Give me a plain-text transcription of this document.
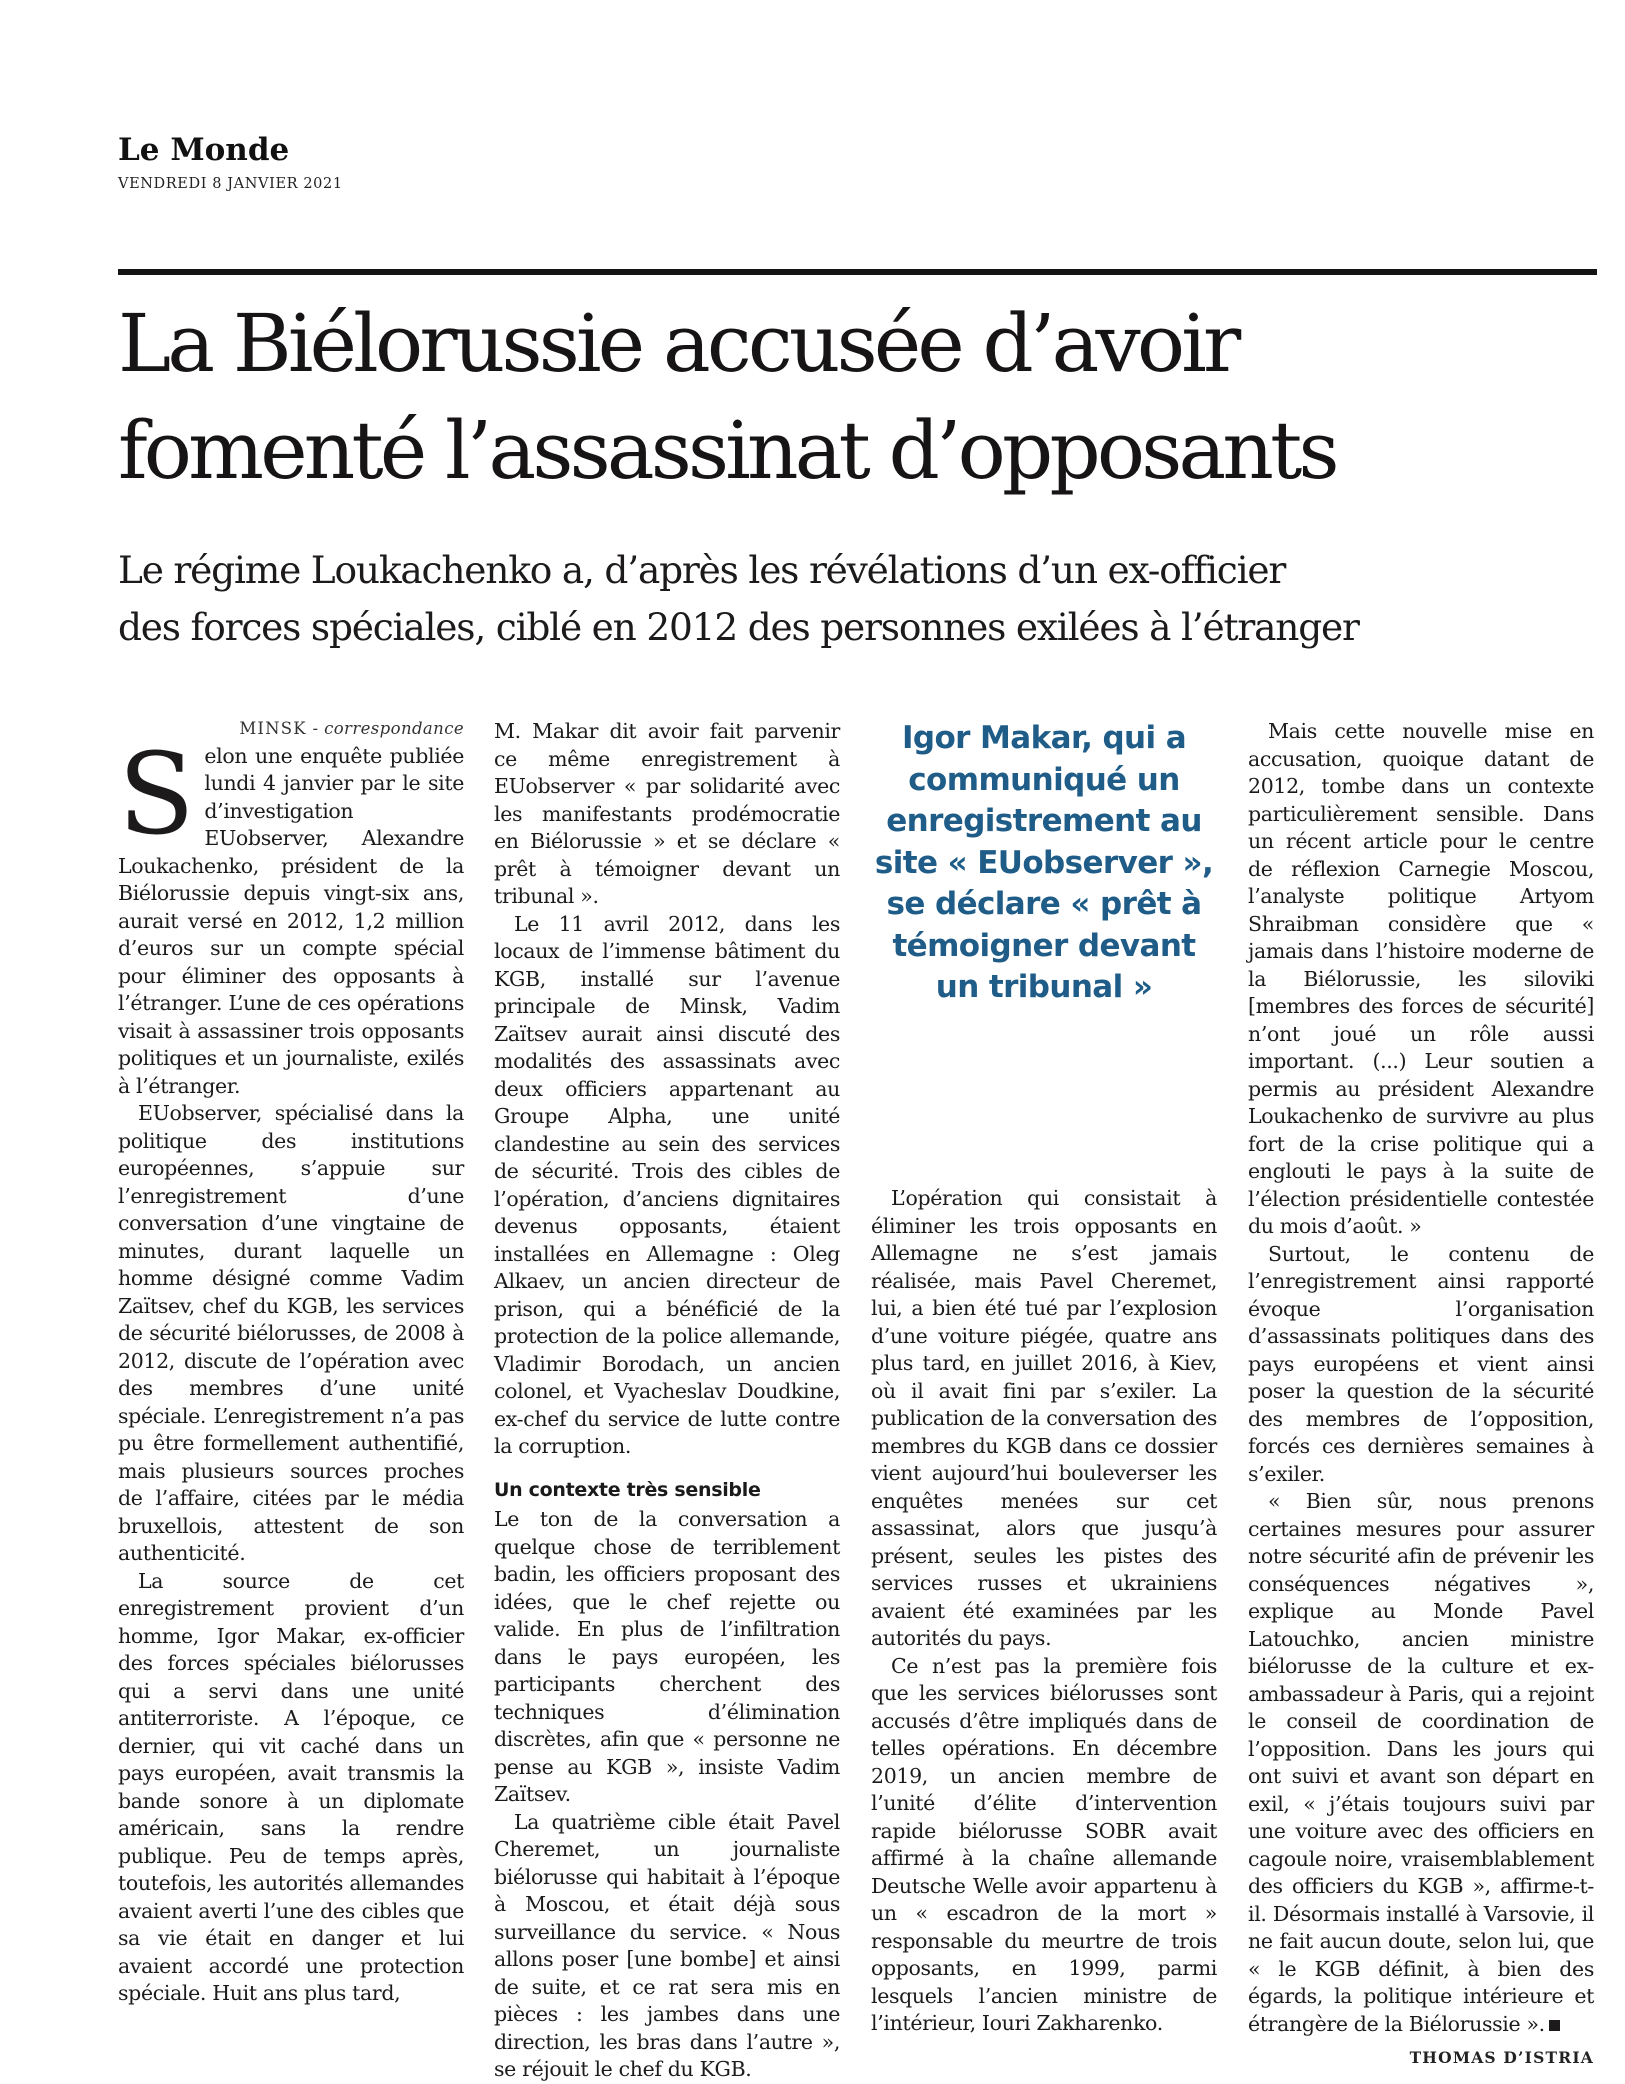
Le Monde
VENDREDI 8 JANVIER 2021
La Biélorussie accusée d’avoir
fomenté l’assassinat d’opposants
Le régime Loukachenko a, d’après les révélations d’un ex-officier
des forces spéciales, ciblé en 2012 des personnes exilées à l’étranger

MINSK - correspondance

S elon une enquête publiée lundi 4 janvier par le site d’investigation EUobserver, Alexandre Loukachenko, président de la Biélorussie depuis vingt-six ans, aurait versé en 2012, 1,2 million d’euros sur un compte spécial pour éliminer des opposants à l’étranger. L’une de ces opérations visait à assassiner trois opposants politiques et un journaliste, exilés à l’étranger.

EUobserver, spécialisé dans la politique des institutions européennes, s’appuie sur l’enregistrement d’une conversation d’une vingtaine de minutes, durant laquelle un homme désigné comme Vadim Zaïtsev, chef du KGB, les services de sécurité biélorusses, de 2008 à 2012, discute de l’opération avec des membres d’une unité spéciale. L’enregistrement n’a pas pu être formellement authentifié, mais plusieurs sources proches de l’affaire, citées par le média bruxellois, attestent de son authenticité.

La source de cet enregistrement provient d’un homme, Igor Makar, ex-officier des forces spéciales biélorusses qui a servi dans une unité antiterroriste. A l’époque, ce dernier, qui vit caché dans un pays européen, avait transmis la bande sonore à un diplomate américain, sans la rendre publique. Peu de temps après, toutefois, les autorités allemandes avaient averti l’une des cibles que sa vie était en danger et lui avaient accordé une protection spéciale. Huit ans plus tard,

M. Makar dit avoir fait parvenir ce même enregistrement à EUobserver « par solidarité avec les manifestants prodémocratie en Biélorussie » et se déclare « prêt à témoigner devant un tribunal ».

Le 11 avril 2012, dans les locaux de l’immense bâtiment du KGB, installé sur l’avenue principale de Minsk, Vadim Zaïtsev aurait ainsi discuté des modalités des assassinats avec deux officiers appartenant au Groupe Alpha, une unité clandestine au sein des services de sécurité. Trois des cibles de l’opération, d’anciens dignitaires devenus opposants, étaient installées en Allemagne : Oleg Alkaev, un ancien directeur de prison, qui a bénéficié de la protection de la police allemande, Vladimir Borodach, un ancien colonel, et Vyacheslav Doudkine, ex-chef du service de lutte contre la corruption.

Un contexte très sensible

Le ton de la conversation a quelque chose de terriblement badin, les officiers proposant des idées, que le chef rejette ou valide. En plus de l’infiltration dans le pays européen, les participants cherchent des techniques d’élimination discrètes, afin que « personne ne pense au KGB », insiste Vadim Zaïtsev.

La quatrième cible était Pavel Cheremet, un journaliste biélorusse qui habitait à l’époque à Moscou, et était déjà sous surveillance du service. « Nous allons poser [une bombe] et ainsi de suite, et ce rat sera mis en pièces : les jambes dans une direction, les bras dans l’autre », se réjouit le chef du KGB.

Igor Makar, qui a communiqué un enregistrement au site « EUobserver », se déclare « prêt à témoigner devant un tribunal »

L’opération qui consistait à éliminer les trois opposants en Allemagne ne s’est jamais réalisée, mais Pavel Cheremet, lui, a bien été tué par l’explosion d’une voiture piégée, quatre ans plus tard, en juillet 2016, à Kiev, où il avait fini par s’exiler. La publication de la conversation des membres du KGB dans ce dossier vient aujourd’hui bouleverser les enquêtes menées sur cet assassinat, alors que jusqu’à présent, seules les pistes des services russes et ukrainiens avaient été examinées par les autorités du pays.

Ce n’est pas la première fois que les services biélorusses sont accusés d’être impliqués dans de telles opérations. En décembre 2019, un ancien membre de l’unité d’élite d’intervention rapide biélorusse SOBR avait affirmé à la chaîne allemande Deutsche Welle avoir appartenu à un « escadron de la mort » responsable du meurtre de trois opposants, en 1999, parmi lesquels l’ancien ministre de l’intérieur, Iouri Zakharenko.

Mais cette nouvelle mise en accusation, quoique datant de 2012, tombe dans un contexte particulièrement sensible. Dans un récent article pour le centre de réflexion Carnegie Moscou, l’analyste politique Artyom Shraibman considère que « jamais dans l’histoire moderne de la Biélorussie, les siloviki [membres des forces de sécurité] n’ont joué un rôle aussi important. (...) Leur soutien a permis au président Alexandre Loukachenko de survivre au plus fort de la crise politique qui a englouti le pays à la suite de l’élection présidentielle contestée du mois d’août. »

Surtout, le contenu de l’enregistrement ainsi rapporté évoque l’organisation d’assassinats politiques dans des pays européens et vient ainsi poser la question de la sécurité des membres de l’opposition, forcés ces dernières semaines à s’exiler.

« Bien sûr, nous prenons certaines mesures pour assurer notre sécurité afin de prévenir les conséquences négatives », explique au Monde Pavel Latouchko, ancien ministre biélorusse de la culture et ex-ambassadeur à Paris, qui a rejoint le conseil de coordination de l’opposition. Dans les jours qui ont suivi et avant son départ en exil, « j’étais toujours suivi par une voiture avec des officiers en cagoule noire, vraisemblablement des officiers du KGB », affirme-t-il. Désormais installé à Varsovie, il ne fait aucun doute, selon lui, que « le KGB définit, à bien des égards, la politique intérieure et étrangère de la Biélorussie ».

THOMAS D’ISTRIA
